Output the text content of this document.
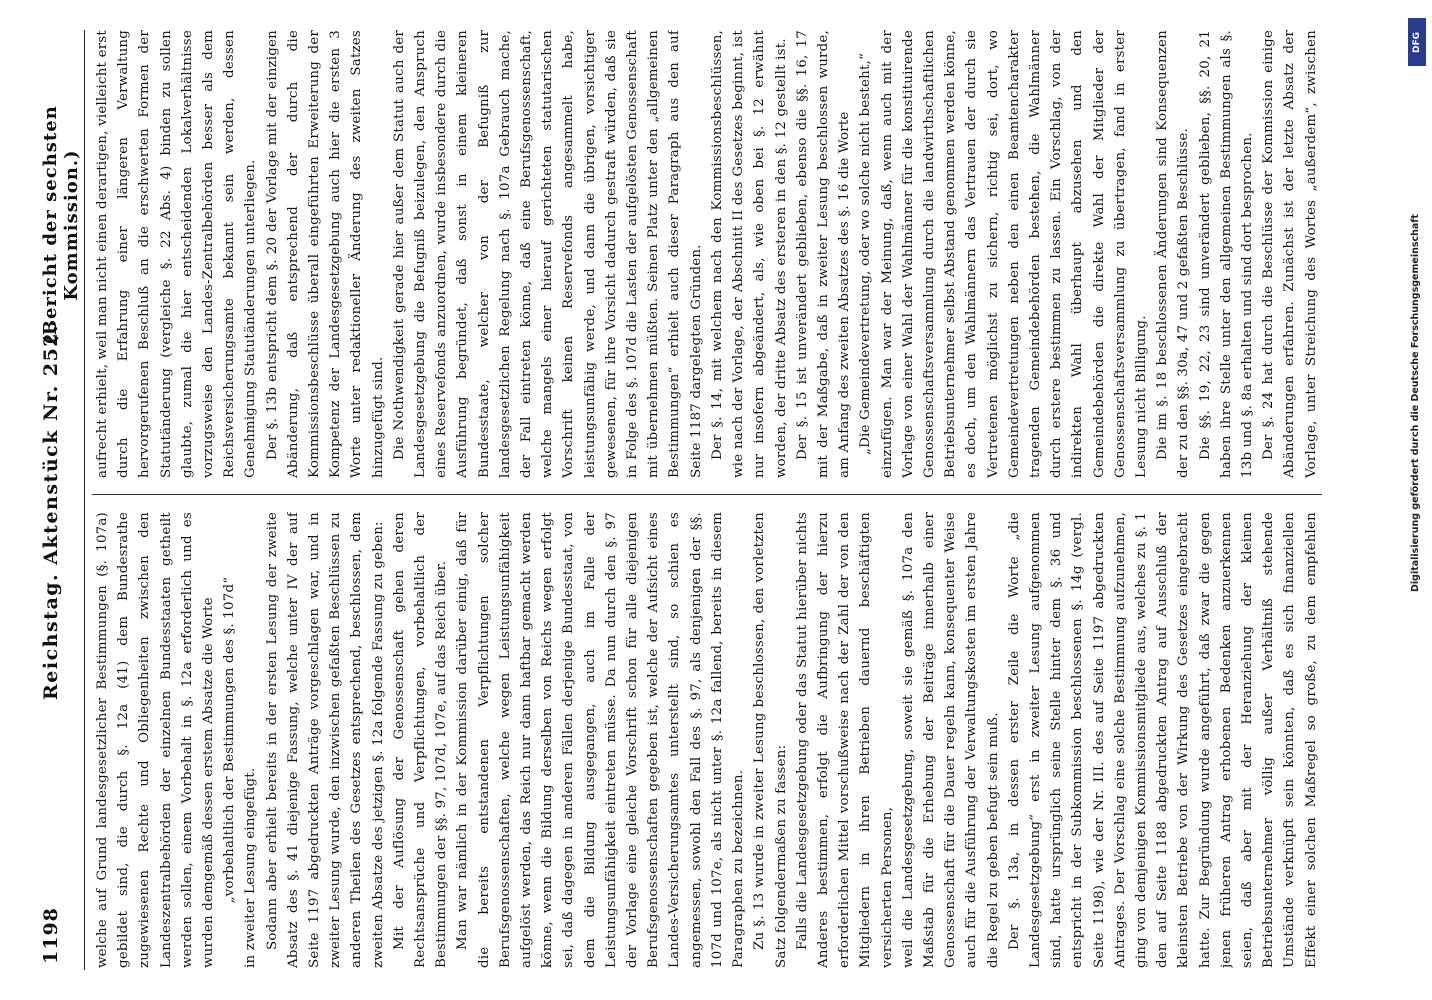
1198
Reichstag. Aktenstück Nr. 252.
(Bericht der sechsten Kommission.)

welche auf Grund landesgesetzlicher Bestimmungen (§. 107a) gebildet sind, die durch §. 12a (41) dem Bundesrathe zugewiesenen Rechte und Obliegenheiten zwischen den Landeszentralbehörden der einzelnen Bundesstaaten getheilt werden sollen, einem Vorbehalt in §. 12a erforderlich und es wurden demgemäß dessen erstem Absatze die Worte „vorbehaltlich der Bestimmungen des §. 107d“ in zweiter Lesung eingefügt. Sodann aber erhielt bereits in der ersten Lesung der zweite Absatz des §. 41 diejenige Fassung, welche unter IV der auf Seite 1197 abgedruckten Anträge vorgeschlagen war, und in zweiter Lesung wurde, den inzwischen gefaßten Beschlüssen zu anderen Theilen des Gesetzes entsprechend, beschlossen, dem zweiten Absatze des jetzigen §. 12a folgende Fassung zu geben: Mit der Auflösung der Genossenschaft gehen deren Rechtsansprüche und Verpflichtungen, vorbehaltlich der Bestimmungen der §§. 97, 107d, 107e, auf das Reich über. Man war nämlich in der Kommission darüber einig, daß für die bereits entstandenen Verpflichtungen solcher Berufsgenossenschaften, welche wegen Leistungsunfähigkeit aufgelöst werden, das Reich nur dann haftbar gemacht werden könne, wenn die Bildung derselben von Reichs wegen erfolgt sei, daß dagegen in anderen Fällen derjenige Bundesstaat, von dem die Bildung ausgegangen, auch im Falle der Leistungsunfähigkeit eintreten müsse. Da nun durch den §. 97 der Vorlage eine gleiche Vorschrift schon für alle diejenigen Berufsgenossenschaften gegeben ist, welche der Aufsicht eines Landes-Versicherungsamtes unterstellt sind, so schien es angemessen, sowohl den Fall des §. 97, als denjenigen der §§. 107d und 107e, als nicht unter §. 12a fallend, bereits in diesem Paragraphen zu bezeichnen. Zu §. 13 wurde in zweiter Lesung beschlossen, den vorletzten Satz folgendermaßen zu fassen: Falls die Landesgesetzgebung oder das Statut hierüber nichts Anderes bestimmen, erfolgt die Aufbringung der hierzu erforderlichen Mittel vorschußweise nach der Zahl der von den Mitgliedern in ihren Betrieben dauernd beschäftigten versicherten Personen, weil die Landesgesetzgebung, soweit sie gemäß §. 107a den Maßstab für die Erhebung der Beiträge innerhalb einer Genossenschaft für die Dauer regeln kann, konsequenter Weise auch für die Ausführung der Verwaltungskosten im ersten Jahre die Regel zu geben befugt sein muß. Der §. 13a, in dessen erster Zeile die Worte „die Landesgesetzgebung“ erst in zweiter Lesung aufgenommen sind, hatte ursprünglich seine Stelle hinter dem §. 36 und entspricht in der Subkommission beschlossenen §. 14g (vergl. Seite 1198), wie der Nr. III. des auf Seite 1197 abgedruckten Antrages. Der Vorschlag eine solche Bestimmung aufzunehmen, ging von demjenigen Kommissionsmitgliede aus, welches zu §. 1 den auf Seite 1188 abgedruckten Antrag auf Ausschluß der kleinsten Betriebe von der Wirkung des Gesetzes eingebracht hatte. Zur Begründung wurde angeführt, daß zwar die gegen jenen früheren Antrag erhobenen Bedenken anzuerkennen seien, daß aber mit der Heranziehung der kleinen Betriebsunternehmer völlig außer Verhältniß stehende Umstände verknüpft sein könnten, daß es sich finanziellen Effekt einer solchen Maßregel so große, zu dem empfehlen

aufrecht erhielt, weil man nicht einen derartigen, vielleicht erst durch die Erfahrung einer längeren Verwaltung hervorgerufenen Beschluß an die erschwerten Formen der Statutänderung (vergleiche §. 22 Abs. 4) binden zu sollen glaubte, zumal die hier entscheidenden Lokalverhältnisse vorzugsweise den Landes-Zentralbehörden besser als dem Reichsversicherungsamte bekannt sein werden, dessen Genehmigung Statutänderungen unterliegen. Der §. 13b entspricht dem §. 20 der Vorlage mit der einzigen Abänderung, daß entsprechend der durch die Kommissionsbeschlüsse überall eingeführten Erweiterung der Kompetenz der Landesgesetzgebung auch hier die ersten 3 Worte unter redaktioneller Änderung des zweiten Satzes hinzugefügt sind. Die Nothwendigkeit gerade hier außer dem Statut auch der Landesgesetzgebung die Befugniß beizulegen, den Anspruch eines Reservefonds anzuordnen, wurde insbesondere durch die Ausführung begründet, daß sonst in einem kleineren Bundesstaate, welcher von der Befugniß zur landesgesetzlichen Regelung nach §. 107a Gebrauch mache, der Fall eintreten könne, daß eine Berufsgenossenschaft, welche mangels einer hierauf gerichteten statutarischen Vorschrift keinen Reservefonds angesammelt habe, leistungsunfähig werde, und dann die übrigen, vorsichtiger gewesenen, für ihre Vorsicht dadurch gestraft würden, daß sie in Folge des §. 107d die Lasten der aufgelösten Genossenschaft mit übernehmen müßten. Seinen Platz unter den „allgemeinen Bestimmungen“ erhielt auch dieser Paragraph aus den auf Seite 1187 dargelegten Gründen. Der §. 14, mit welchem nach den Kommissionsbeschlüssen, wie nach der Vorlage, der Abschnitt II des Gesetzes beginnt, ist nur insofern abgeändert, als, wie oben bei §. 12 erwähnt worden, der dritte Absatz des ersteren in den §. 12 gestellt ist. Der §. 15 ist unverändert geblieben, ebenso die §§. 16, 17 mit der Maßgabe, daß in zweiter Lesung beschlossen wurde, am Anfang des zweiten Absatzes des §. 16 die Worte „Die Gemeindevertretung, oder wo solche nicht besteht,“ einzufügen. Man war der Meinung, daß, wenn auch mit der Vorlage von einer Wahl der Wahlmänner für die konstituirende Genossenschaftsversammlung durch die landwirthschaftlichen Betriebsunternehmer selbst Abstand genommen werden könne, es doch, um den Wahlmännern das Vertrauen der durch sie Vertretenen möglichst zu sichern, richtig sei, dort, wo Gemeindevertretungen neben den einen Beamtencharakter tragenden Gemeindebehörden bestehen, die Wahlmänner durch erstere bestimmen zu lassen. Ein Vorschlag, von der indirekten Wahl überhaupt abzusehen und den Gemeindebehörden die direkte Wahl der Mitglieder der Genossenschaftsversammlung zu übertragen, fand in erster Lesung nicht Billigung. Die im §. 18 beschlossenen Änderungen sind Konsequenzen der zu den §§. 30a, 47 und 2 gefaßten Beschlüsse. Die §§. 19, 22, 23 sind unverändert geblieben, §§. 20, 21 haben ihre Stelle unter den allgemeinen Bestimmungen als §. 13b und §. 8a erhalten und sind dort besprochen. Der §. 24 hat durch die Beschlüsse der Kommission einige Abänderungen erfahren. Zunächst ist der letzte Absatz der Vorlage, unter Streichung des Wortes „außerdem“, zwischen	DFG
Digitalisierung gefördert durch die Deutsche Forschungsgemeinschaft
